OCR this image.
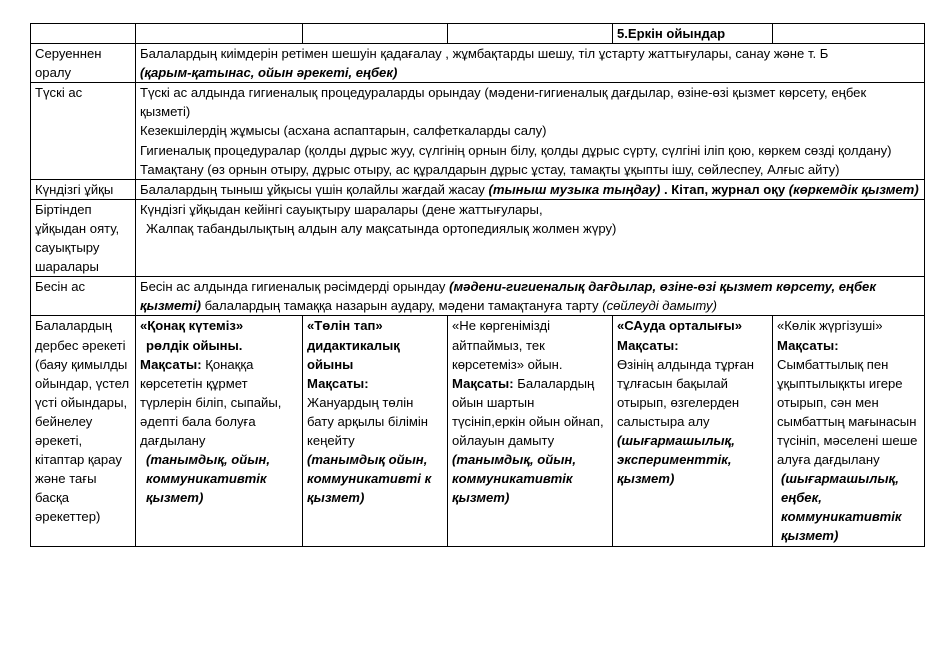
				5.Еркін ойындар	
Серуеннен оралу	Балалардың киімдерін ретімен шешуін қадағалау , жұмбақтарды шешу, тіл ұстарту жаттығулары, санау және т. Б
(қарым-қатынас, ойын әрекеті, еңбек)				

Түскі ас	Түскі ас алдында гигиеналық процедураларды орындау (мәдени-гигиеналық дағдылар, өзіне-өзі қызмет көрсету, еңбек қызметі)
Кезекшілердің жұмысы (асхана аспаптарын, салфеткаларды салу)
Гигиеналық процедуралар (қолды дұрыс жуу, сүлгінің орнын білу, қолды дұрыс сүрту, сүлгіні іліп қою, көркем сөзді қолдану)
Тамақтану (өз орнын отыру, дұрыс отыру, ас құралдарын дұрыс ұстау, тамақты ұқыпты ішу, сөйлеспеу, Алғыс айту)				

Күндізгі ұйқы	Балалардың тыныш ұйқысы үшін қолайлы жағдай жасау (тыныш музыка тыңдау) . Кітап, журнал оқу (көркемдік қызмет)				
Біртіндеп ұйқыдан ояту, сауықтыру шаралары	Күндізгі ұйқыдан кейінгі сауықтыру шаралары (дене жаттығулары,
Жалпақ табандылықтың алдын алу мақсатында ортопедиялық жолмен жүру)				

Бесін ас	Бесін ас алдында гигиеналық рәсімдерді орындау (мәдени-гигиеналық дағдылар, өзіне-өзі қызмет көрсету, еңбек қызметі) балалардың тамаққа назарын аудару, мәдени тамақтануға тарту (сөйлеуді дамыту)				
Балалардың дербес әрекеті (баяу қимылды ойындар, үстел үсті ойындары, бейнелеу әрекеті, кітаптар қарау және тағы басқа әрекеттер)	«Қонақ күтеміз»
рөлдік ойыны.
Мақсаты: Қонаққа көрсететін құрмет түрлерін біліп, сыпайы, әдепті бала болуға дағдылану
(танымдық, ойын, коммуникативтік қызмет)	«Төлін тап»
дидактикалық ойыны
Мақсаты:
Жануардың төлін бату арқылы білімін кеңейту
(танымдық ойын, коммуникативті к қызмет)	«Не көргенімізді айтпаймыз, тек көрсетеміз» ойын.
Мақсаты: Балалардың ойын шартын түсініп,еркін ойын ойнап, ойлауын дамыту
(танымдық, ойын, коммуникативтік қызмет)	«САуда орталығы»
Мақсаты:
Өзінің алдында тұрған тұлғасын бақылай отырып, өзгелерден салыстыра алу
(шығармашылық, эксперименттік, қызмет)	«Көлік жүргізуші»
Мақсаты:
Сымбаттылық пен ұқыптылықкты игере отырып, сән мен сымбаттың мағынасын түсініп, мәселені шеше алуға дағдылану
(шығармашылық, еңбек, коммуникативтік қызмет)
